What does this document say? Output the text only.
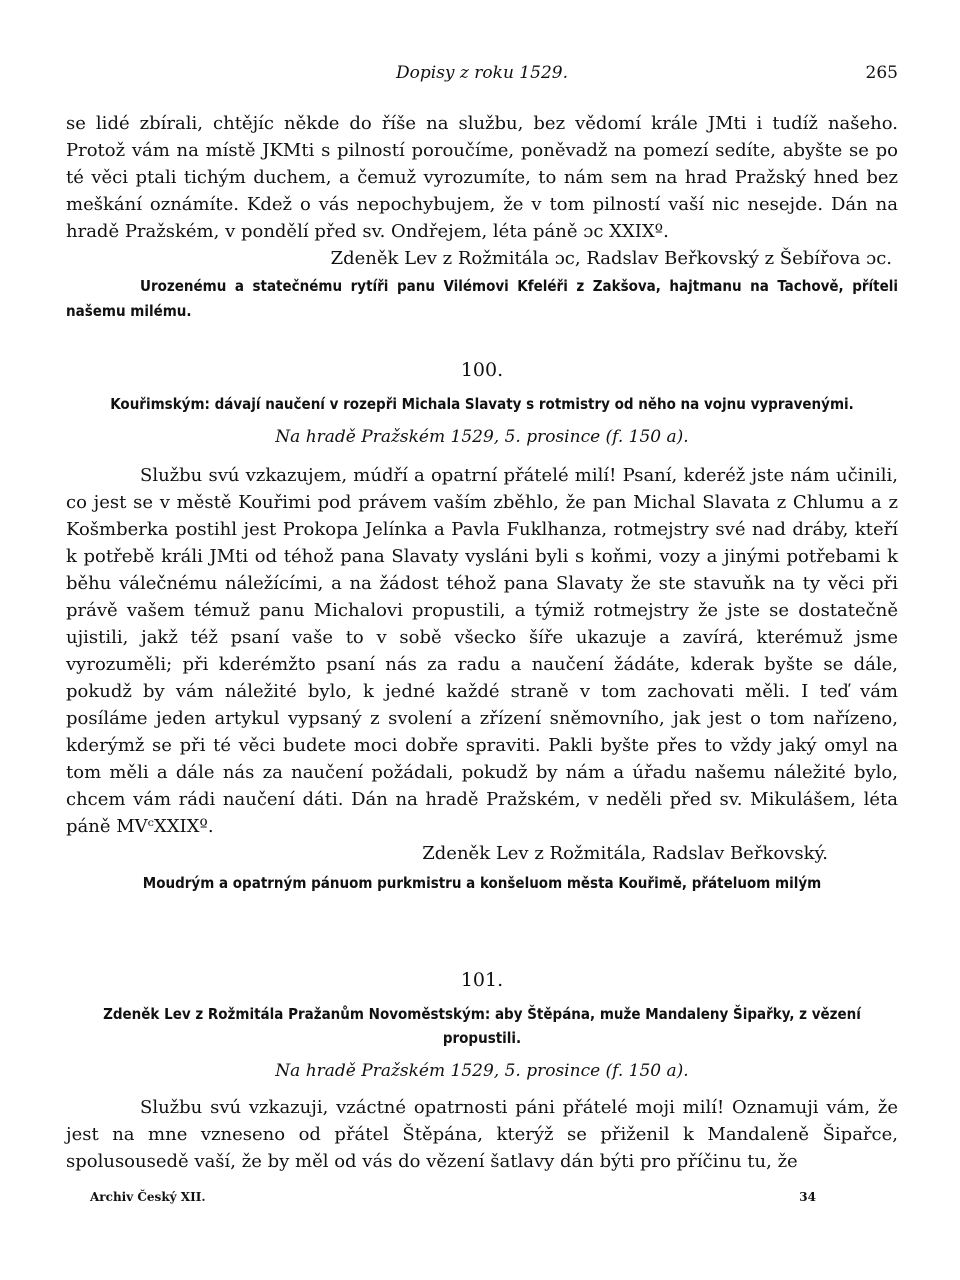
Dopisy z roku 1529.	265

se lidé zbírali, chtějíc někde do říše na službu, bez vědomí krále JMti i tudíž našeho. Protož vám na místě JKMti s pilností poroučíme, poněvadž na pomezí sedíte, abyšte se po té věci ptali tichým duchem, a čemuž vyrozumíte, to nám sem na hrad Pražský hned bez meškání oznámíte. Kdež o vás nepochybujem, že v tom pilností vaší nic nesejde. Dán na hradě Pražském, v pondělí před sv. Ondřejem, léta páně ɔc XXIXº.

Zdeněk Lev z Rožmitála ɔc, Radslav Beřkovský z Šebířova ɔc.

Urozenému a statečnému rytíři panu Vilémovi Kfeléři z Zakšova, hajtmanu na Tachově, příteli našemu milému.

100.

Kouřimským: dávají naučení v rozepři Michala Slavaty s rotmistry od něho na vojnu vypravenými.

Na hradě Pražském 1529, 5. prosince (f. 150 a).

Službu svú vzkazujem, múdří a opatrní přátelé milí! Psaní, kderéž jste nám učinili, co jest se v městě Kouřimi pod právem vaším zběhlo, že pan Michal Slavata z Chlumu a z Košmberka postihl jest Prokopa Jelínka a Pavla Fuklhanza, rotmejstry své nad dráby, kteří k potřebě králi JMti od téhož pana Slavaty vysláni byli s koňmi, vozy a jinými potřebami k běhu válečnému náležícími, a na žádost téhož pana Slavaty že ste stavuňk na ty věci při právě vašem témuž panu Michalovi propustili, a týmiž rotmejstry že jste se dostatečně ujistili, jakž též psaní vaše to v sobě všecko šíře ukazuje a zavírá, kterémuž jsme vyrozuměli; při kderémžto psaní nás za radu a naučení žádáte, kderak byšte se dále, pokudž by vám náležité bylo, k jedné každé straně v tom zachovati měli. I teď vám posíláme jeden artykul vypsaný z svolení a zřízení sněmovního, jak jest o tom nařízeno, kderýmž se při té věci budete moci dobře spraviti. Pakli byšte přes to vždy jaký omyl na tom měli a dále nás za naučení požádali, pokudž by nám a úřadu našemu náležité bylo, chcem vám rádi naučení dáti. Dán na hradě Pražském, v neděli před sv. Mikulášem, léta páně MVᶜXXIXº.

Zdeněk Lev z Rožmitála, Radslav Beřkovský.

Moudrým a opatrným pánuom purkmistru a konšeluom města Kouřimě, přáteluom milým

101.

Zdeněk Lev z Rožmitála Pražanům Novoměstským: aby Štěpána, muže Mandaleny Šipařky, z vězení propustili.

Na hradě Pražském 1529, 5. prosince (f. 150 a).

Službu svú vzkazuji, vzáctné opatrnosti páni přátelé moji milí! Oznamuji vám, že jest na mne vzneseno od přátel Štěpána, kterýž se přiženil k Mandaleně Šipařce, spolusousedě vaší, že by měl od vás do vězení šatlavy dán býti pro příčinu tu, že

Archiv Český XII.	34
